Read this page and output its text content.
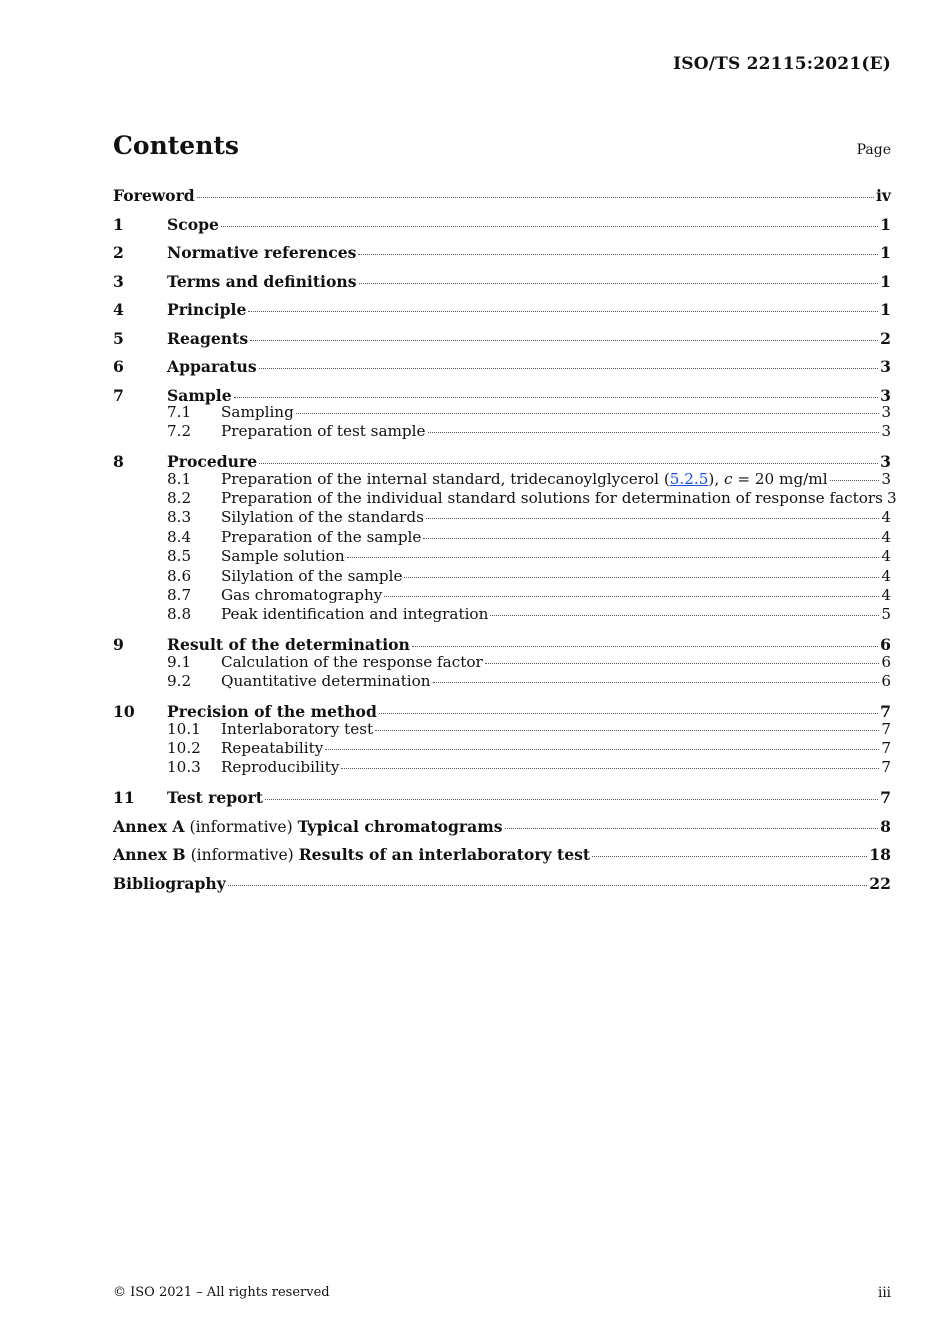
ISO/TS 22115:2021(E)
Contents	Page
Foreword	iv
1	Scope	1
2	Normative references	1
3	Terms and definitions	1
4	Principle	1
5	Reagents	2
6	Apparatus	3
7	Sample	3
7.1	Sampling	3
7.2	Preparation of test sample	3
8	Procedure	3
8.1	Preparation of the internal standard, tridecanoylglycerol (5.2.5), c = 20 mg/ml	3
8.2	Preparation of the individual standard solutions for determination of response factors 3
8.3	Silylation of the standards	4
8.4	Preparation of the sample	4
8.5	Sample solution	4
8.6	Silylation of the sample	4
8.7	Gas chromatography	4
8.8	Peak identification and integration	5
9	Result of the determination	6
9.1	Calculation of the response factor	6
9.2	Quantitative determination	6
10	Precision of the method	7
10.1	Interlaboratory test	7
10.2	Repeatability	7
10.3	Reproducibility	7
11	Test report	7
Annex A (informative) Typical chromatograms	8
Annex B (informative) Results of an interlaboratory test	18
Bibliography	22
© ISO 2021 – All rights reserved	iii
